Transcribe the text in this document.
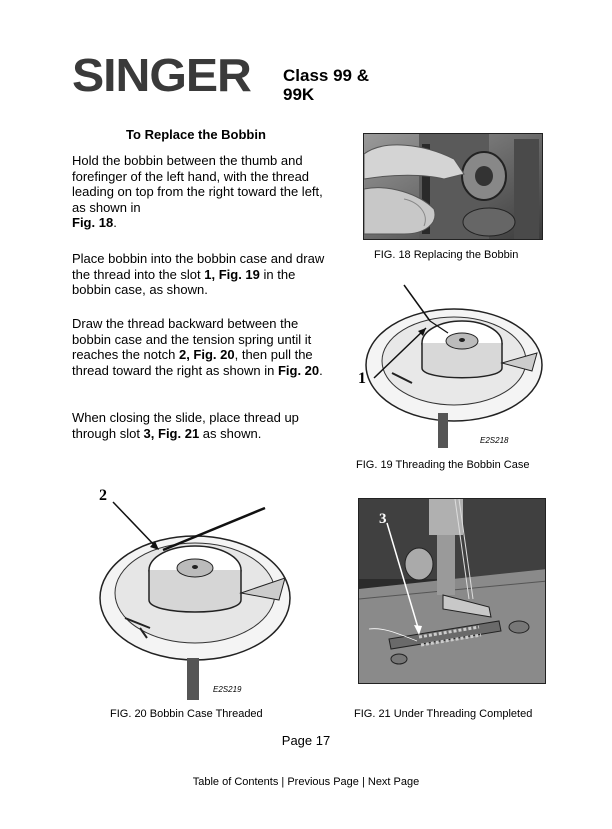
SINGER Class 99 &
99K
To Replace the Bobbin
Hold the bobbin between the thumb and forefinger of the left hand, with the thread leading on top from the right toward the left, as shown in
Fig. 18.
Place bobbin into the bobbin case and draw the thread into the slot 1, Fig. 19 in the bobbin case, as shown.
Draw the thread backward between the bobbin case and the tension spring until it reaches the notch 2, Fig. 20, then pull the thread toward the right as shown in Fig. 20.
When closing the slide, place thread up through slot 3, Fig. 21 as shown.
FIG. 18 Replacing the Bobbin
1
E2S218
FIG. 19 Threading the Bobbin Case
2
E2S219
FIG. 20 Bobbin Case Threaded
3
FIG. 21 Under Threading Completed
Page 17
Table of Contents | Previous Page | Next Page
